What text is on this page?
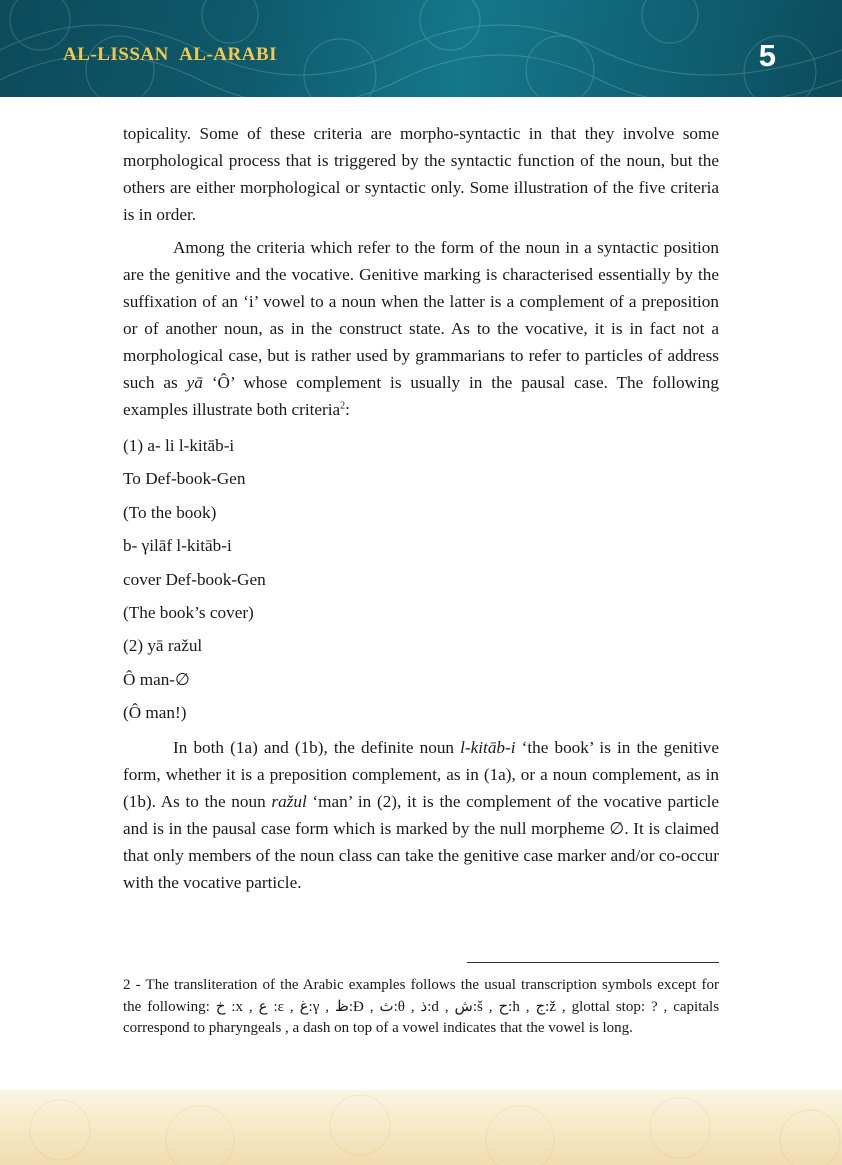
AL-LISSAN AL-ARABI	5

topicality. Some of these criteria are morpho-syntactic in that they involve some morphological process that is triggered by the syntactic function of the noun, but the others are either morphological or syntactic only. Some illustration of the five criteria is in order.

Among the criteria which refer to the form of the noun in a syntactic position are the genitive and the vocative. Genitive marking is characterised essentially by the suffixation of an ‘i’ vowel to a noun when the latter is a complement of a preposition or of another noun, as in the construct state. As to the vocative, it is in fact not a morphological case, but is rather used by grammarians to refer to particles of address such as yā ‘Ô’ whose complement is usually in the pausal case. The following examples illustrate both criteria$^2$:

(1) a- li l-kitāb-i
To Def-book-Gen
(To the book)
b- γilāf l-kitāb-i
cover Def-book-Gen
(The book’s cover)
(2) yā ražul
Ô man-∅
(Ô man!)

In both (1a) and (1b), the definite noun l-kitāb-i ‘the book’ is in the genitive form, whether it is a preposition complement, as in (1a), or a noun complement, as in (1b). As to the noun ražul ‘man’ in (2), it is the complement of the vocative particle and is in the pausal case form which is marked by the null morpheme ∅. It is claimed that only members of the noun class can take the genitive case marker and/or co-occur with the vocative particle.

2 - The transliteration of the Arabic examples follows the usual transcription symbols except for the following: خ :x , ع :ε , غ:γ , ظ:Đ , ث:θ , ذ:d , ش:š , ح:h , ج:ž , glottal stop: ? , capitals correspond to pharyngeals , a dash on top of a vowel indicates that the vowel is long.
